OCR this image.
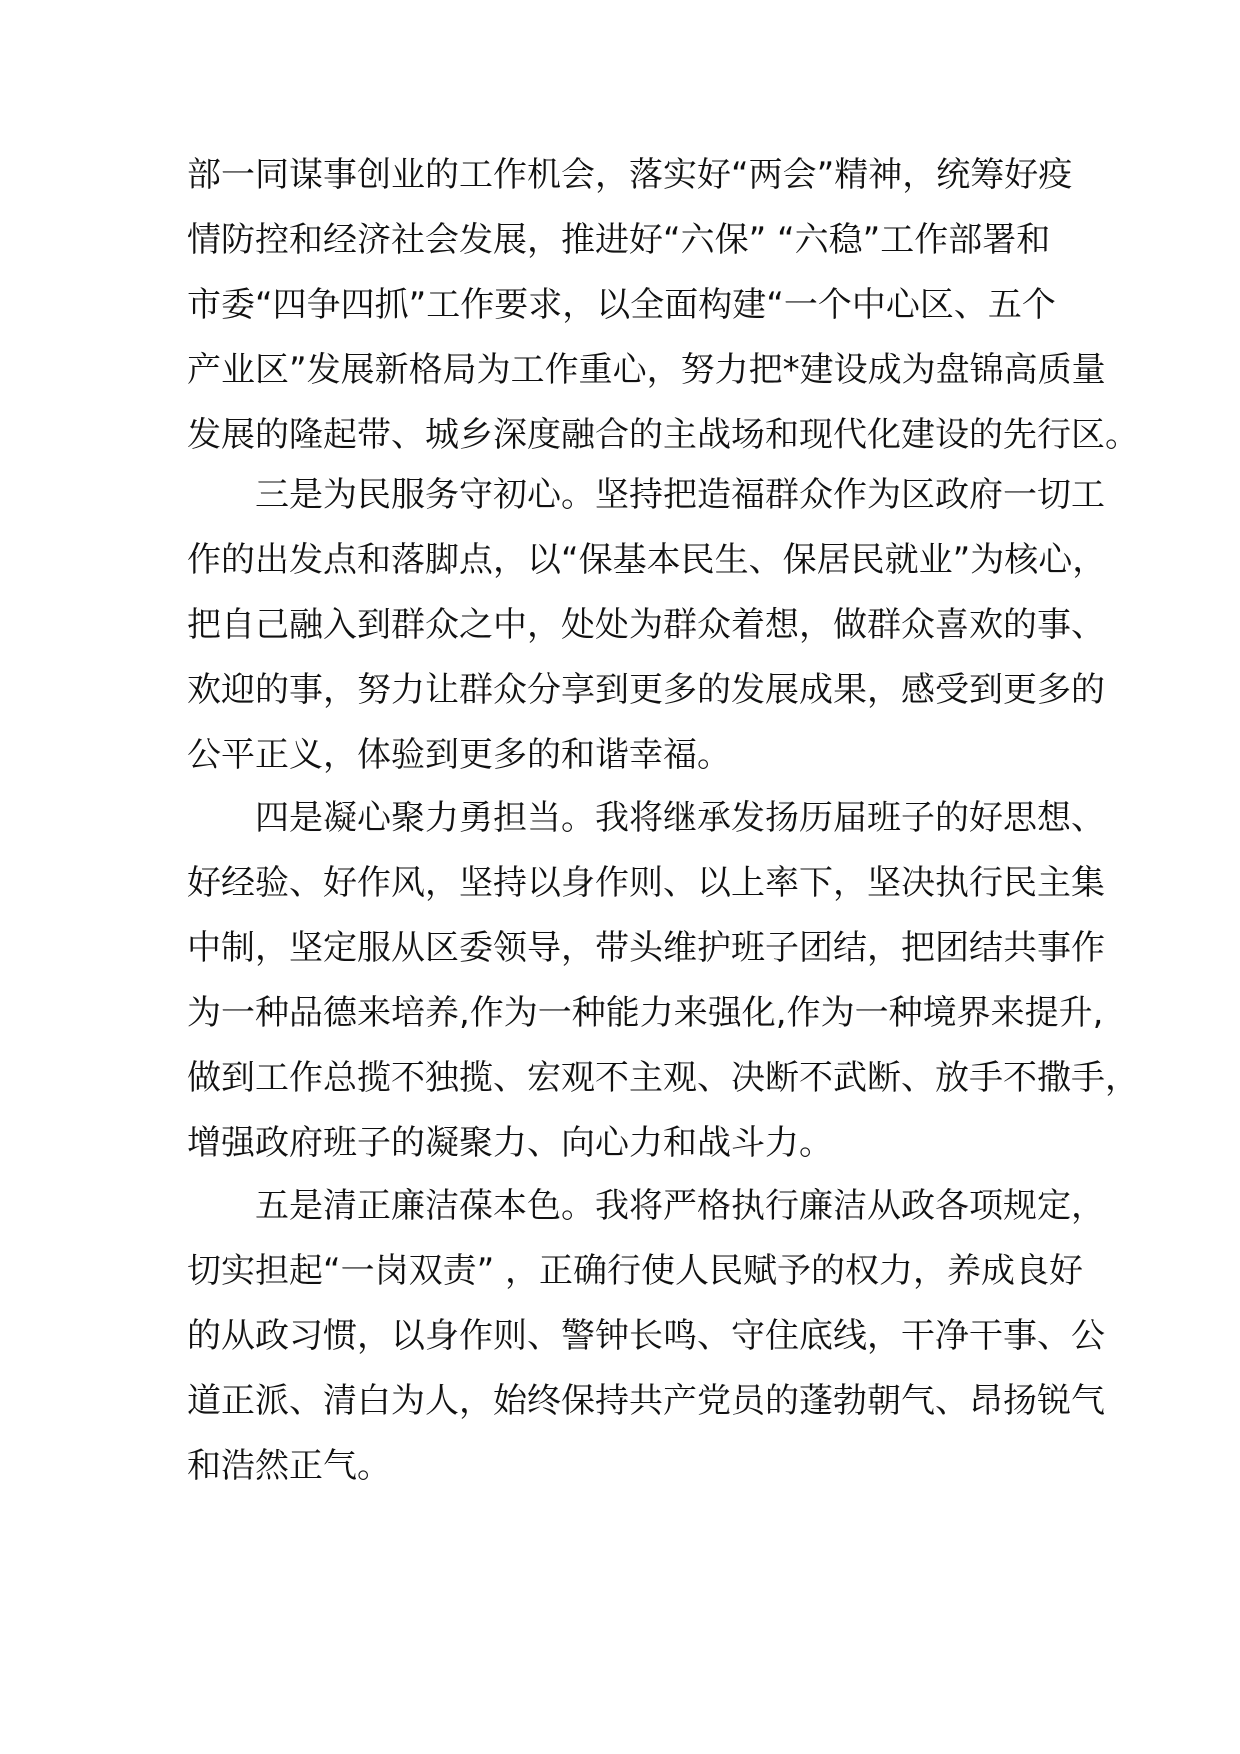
部一同谋事创业的工作机会，落实好“两会”精神，统筹好疫
情防控和经济社会发展，推进好“六保” “六稳”工作部署和
市委“四争四抓”工作要求，以全面构建“一个中心区、五个
产业区”发展新格局为工作重心，努力把*建设成为盘锦高质量
发展的隆起带、城乡深度融合的主战场和现代化建设的先行区。
三是为民服务守初心。坚持把造福群众作为区政府一切工
作的出发点和落脚点，以“保基本民生、保居民就业”为核心，
把自己融入到群众之中，处处为群众着想，做群众喜欢的事、
欢迎的事，努力让群众分享到更多的发展成果，感受到更多的
公平正义，体验到更多的和谐幸福。
四是凝心聚力勇担当。我将继承发扬历届班子的好思想、
好经验、好作风，坚持以身作则、以上率下，坚决执行民主集
中制，坚定服从区委领导，带头维护班子团结，把团结共事作
为一种品德来培养,作为一种能力来强化,作为一种境界来提升,
做到工作总揽不独揽、宏观不主观、决断不武断、放手不撒手，
增强政府班子的凝聚力、向心力和战斗力。
五是清正廉洁葆本色。我将严格执行廉洁从政各项规定，
切实担起“一岗双责” ，正确行使人民赋予的权力，养成良好
的从政习惯，以身作则、警钟长鸣、守住底线，干净干事、公
道正派、清白为人，始终保持共产党员的蓬勃朝气、昂扬锐气
和浩然正气。
